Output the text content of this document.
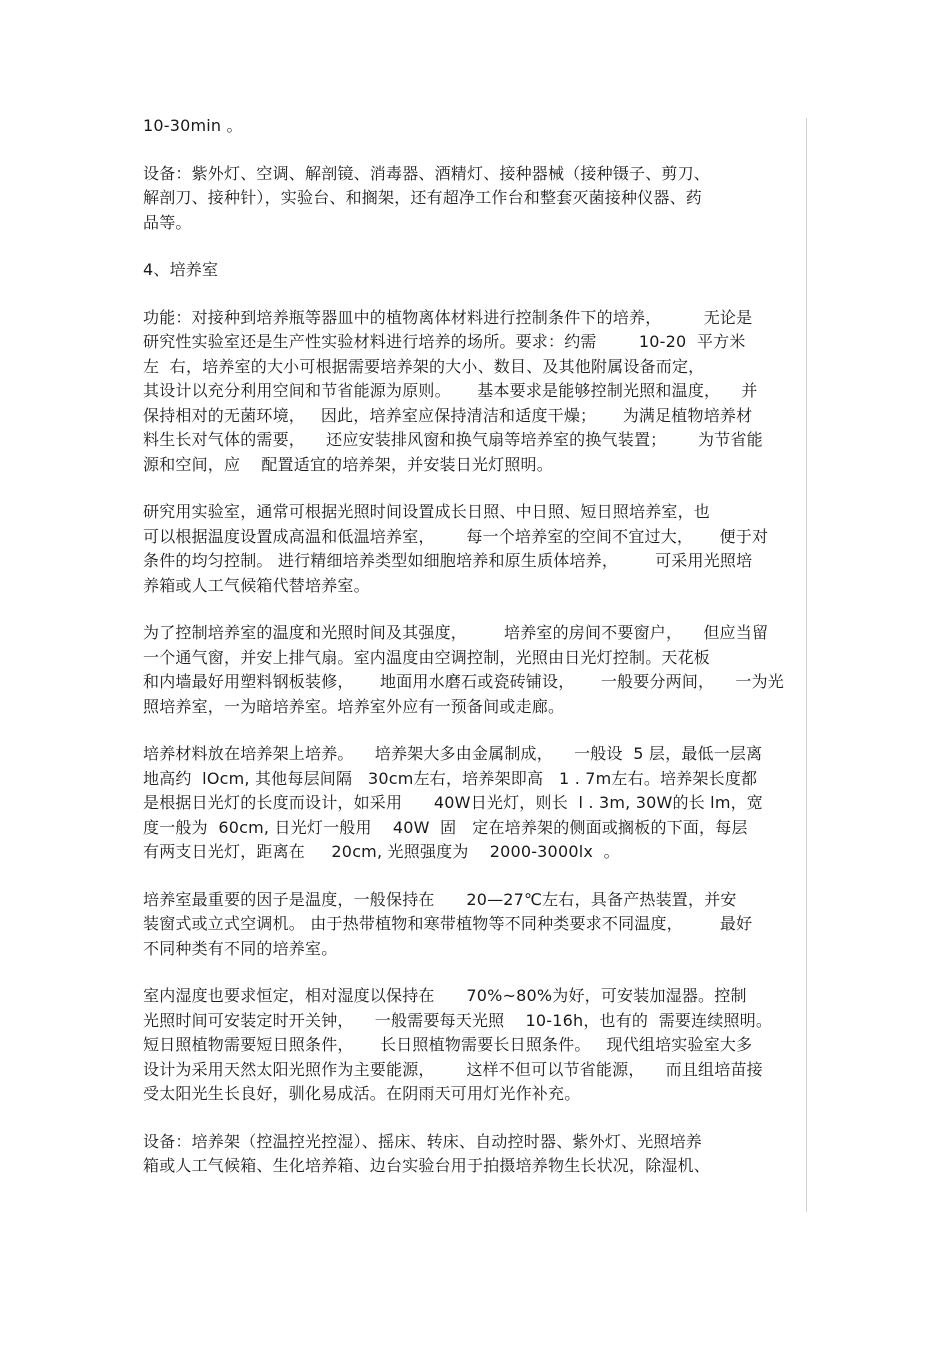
10-30min 。
设备：紫外灯、空调、解剖镜、消毒器、酒精灯、接种器械（接种镊子、剪刀、
解剖刀、接种针），实验台、和搁架，还有超净工作台和整套灭菌接种仪器、药
品等。
4、培养室
功能：对接种到培养瓶等器皿中的植物离体材料进行控制条件下的培养，        无论是
研究性实验室还是生产性实验材料进行培养的场所。要求：约需        10-20  平方米
左  右，培养室的大小可根据需要培养架的大小、数目、及其他附属设备而定，
其设计以充分利用空间和节省能源为原则。     基本要求是能够控制光照和温度，    并
保持相对的无菌环境，   因此，培养室应保持清洁和适度干燥；     为满足植物培养材
料生长对气体的需要，    还应安装排风窗和换气扇等培养室的换气装置；      为节省能
源和空间，应    配置适宜的培养架，并安装日光灯照明。
研究用实验室，通常可根据光照时间设置成长日照、中日照、短日照培养室，也
可以根据温度设置成高温和低温培养室，      每一个培养室的空间不宜过大，     便于对
条件的均匀控制。 进行精细培养类型如细胞培养和原生质体培养，       可采用光照培
养箱或人工气候箱代替培养室。
为了控制培养室的温度和光照时间及其强度，       培养室的房间不要窗户，    但应当留
一个通气窗，并安上排气扇。室内温度由空调控制，光照由日光灯控制。天花板
和内墙最好用塑料钢板装修，     地面用水磨石或瓷砖铺设，     一般要分两间，    一为光
照培养室，一为暗培养室。培养室外应有一预备间或走廊。
培养材料放在培养架上培养。    培养架大多由金属制成，    一般设  5 层，最低一层离
地高约  lOcm, 其他每层间隔   30cm左右，培养架即高   1 . 7m左右。培养架长度都
是根据日光灯的长度而设计，如采用      40W日光灯，则长  l . 3m, 30W的长 lm，宽
度一般为  60cm, 日光灯一般用    40W  固   定在培养架的侧面或搁板的下面，每层
有两支日光灯，距离在     20cm, 光照强度为    2000-3000lx  。
培养室最重要的因子是温度，一般保持在      20—27℃左右，具备产热装置，并安
装窗式或立式空调机。 由于热带植物和寒带植物等不同种类要求不同温度，       最好
不同种类有不同的培养室。
室内湿度也要求恒定，相对湿度以保持在      70%~80%为好，可安装加湿器。控制
光照时间可安装定时开关钟，    一般需要每天光照    10-16h，也有的  需要连续照明。
短日照植物需要短日照条件，     长日照植物需要长日照条件。   现代组培实验室大多
设计为采用天然太阳光照作为主要能源，      这样不但可以节省能源，    而且组培苗接
受太阳光生长良好，驯化易成活。在阴雨天可用灯光作补充。
设备：培养架（控温控光控湿）、摇床、转床、自动控时器、紫外灯、光照培养
箱或人工气候箱、生化培养箱、边台实验台用于拍摄培养物生长状况，除湿机、
